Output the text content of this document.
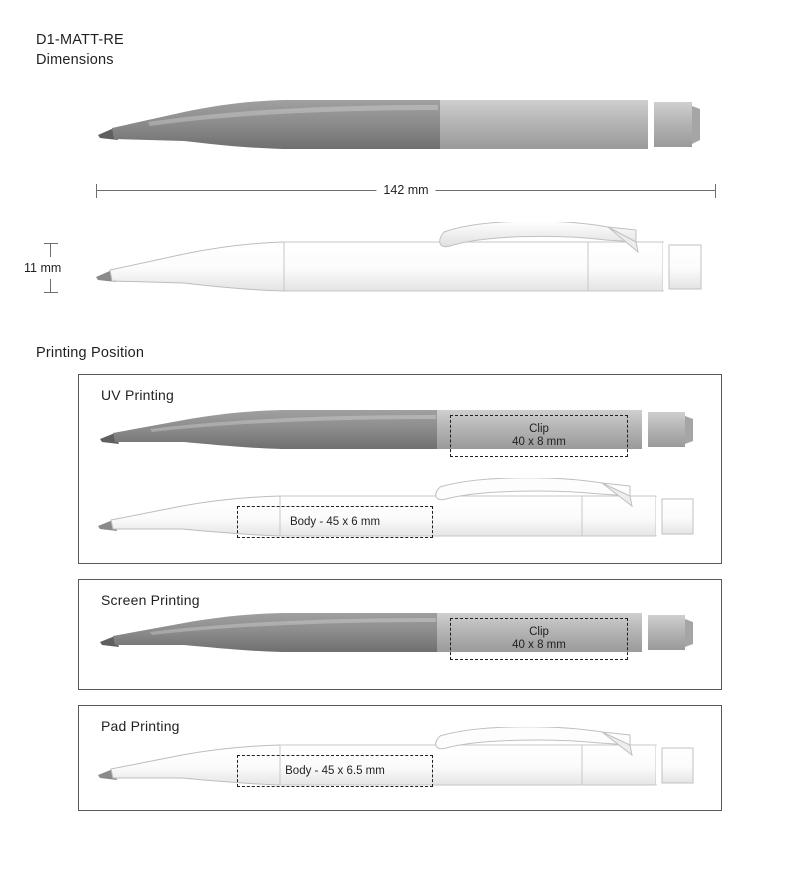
D1-MATT-RE
Dimensions
142 mm
11 mm
Printing Position
UV Printing
Clip
40 x 8 mm
Body - 45 x 6 mm
Screen Printing
Clip
40 x 8 mm
Pad Printing
Body - 45 x 6.5 mm
